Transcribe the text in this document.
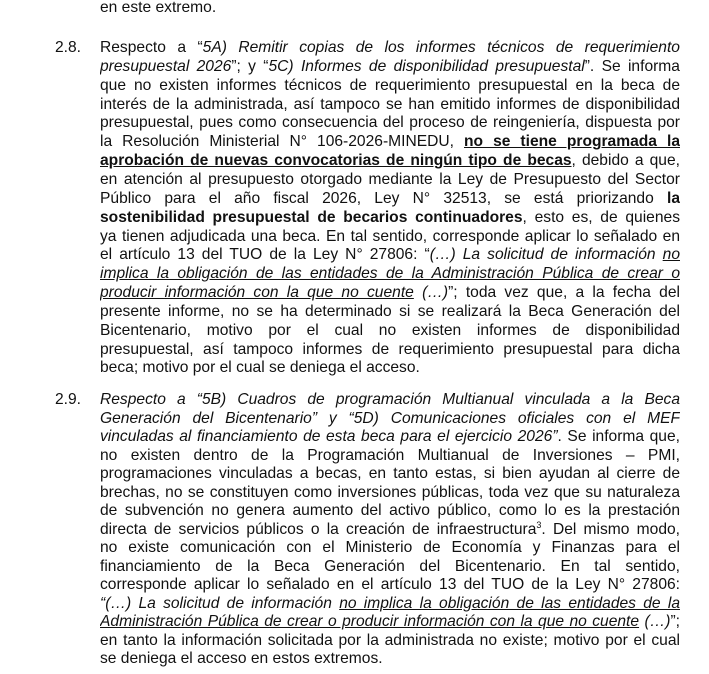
en este extremo.
2.8. Respecto a “5A) Remitir copias de los informes técnicos de requerimiento
presupuestal 2026”; y “5C) Informes de disponibilidad presupuestal”. Se informa
que no existen informes técnicos de requerimiento presupuestal en la beca de
interés de la administrada, así tampoco se han emitido informes de disponibilidad
presupuestal, pues como consecuencia del proceso de reingeniería, dispuesta por
la Resolución Ministerial N° 106-2026-MINEDU, no se tiene programada la
aprobación de nuevas convocatorias de ningún tipo de becas, debido a que,
en atención al presupuesto otorgado mediante la Ley de Presupuesto del Sector
Público para el año fiscal 2026, Ley N° 32513, se está priorizando la
sostenibilidad presupuestal de becarios continuadores, esto es, de quienes
ya tienen adjudicada una beca. En tal sentido, corresponde aplicar lo señalado en
el artículo 13 del TUO de la Ley N° 27806: “(…) La solicitud de información no
implica la obligación de las entidades de la Administración Pública de crear o
producir información con la que no cuente (…)”; toda vez que, a la fecha del
presente informe, no se ha determinado si se realizará la Beca Generación del
Bicentenario, motivo por el cual no existen informes de disponibilidad
presupuestal, así tampoco informes de requerimiento presupuestal para dicha
beca; motivo por el cual se deniega el acceso.
2.9. Respecto a “5B) Cuadros de programación Multianual vinculada a la Beca
Generación del Bicentenario” y “5D) Comunicaciones oficiales con el MEF
vinculadas al financiamiento de esta beca para el ejercicio 2026”. Se informa que,
no existen dentro de la Programación Multianual de Inversiones – PMI,
programaciones vinculadas a becas, en tanto estas, si bien ayudan al cierre de
brechas, no se constituyen como inversiones públicas, toda vez que su naturaleza
de subvención no genera aumento del activo público, como lo es la prestación
directa de servicios públicos o la creación de infraestructura$^3$. Del mismo modo,
no existe comunicación con el Ministerio de Economía y Finanzas para el
financiamiento de la Beca Generación del Bicentenario. En tal sentido,
corresponde aplicar lo señalado en el artículo 13 del TUO de la Ley N° 27806:
“(…) La solicitud de información no implica la obligación de las entidades de la
Administración Pública de crear o producir información con la que no cuente (…)”;
en tanto la información solicitada por la administrada no existe; motivo por el cual
se deniega el acceso en estos extremos.
